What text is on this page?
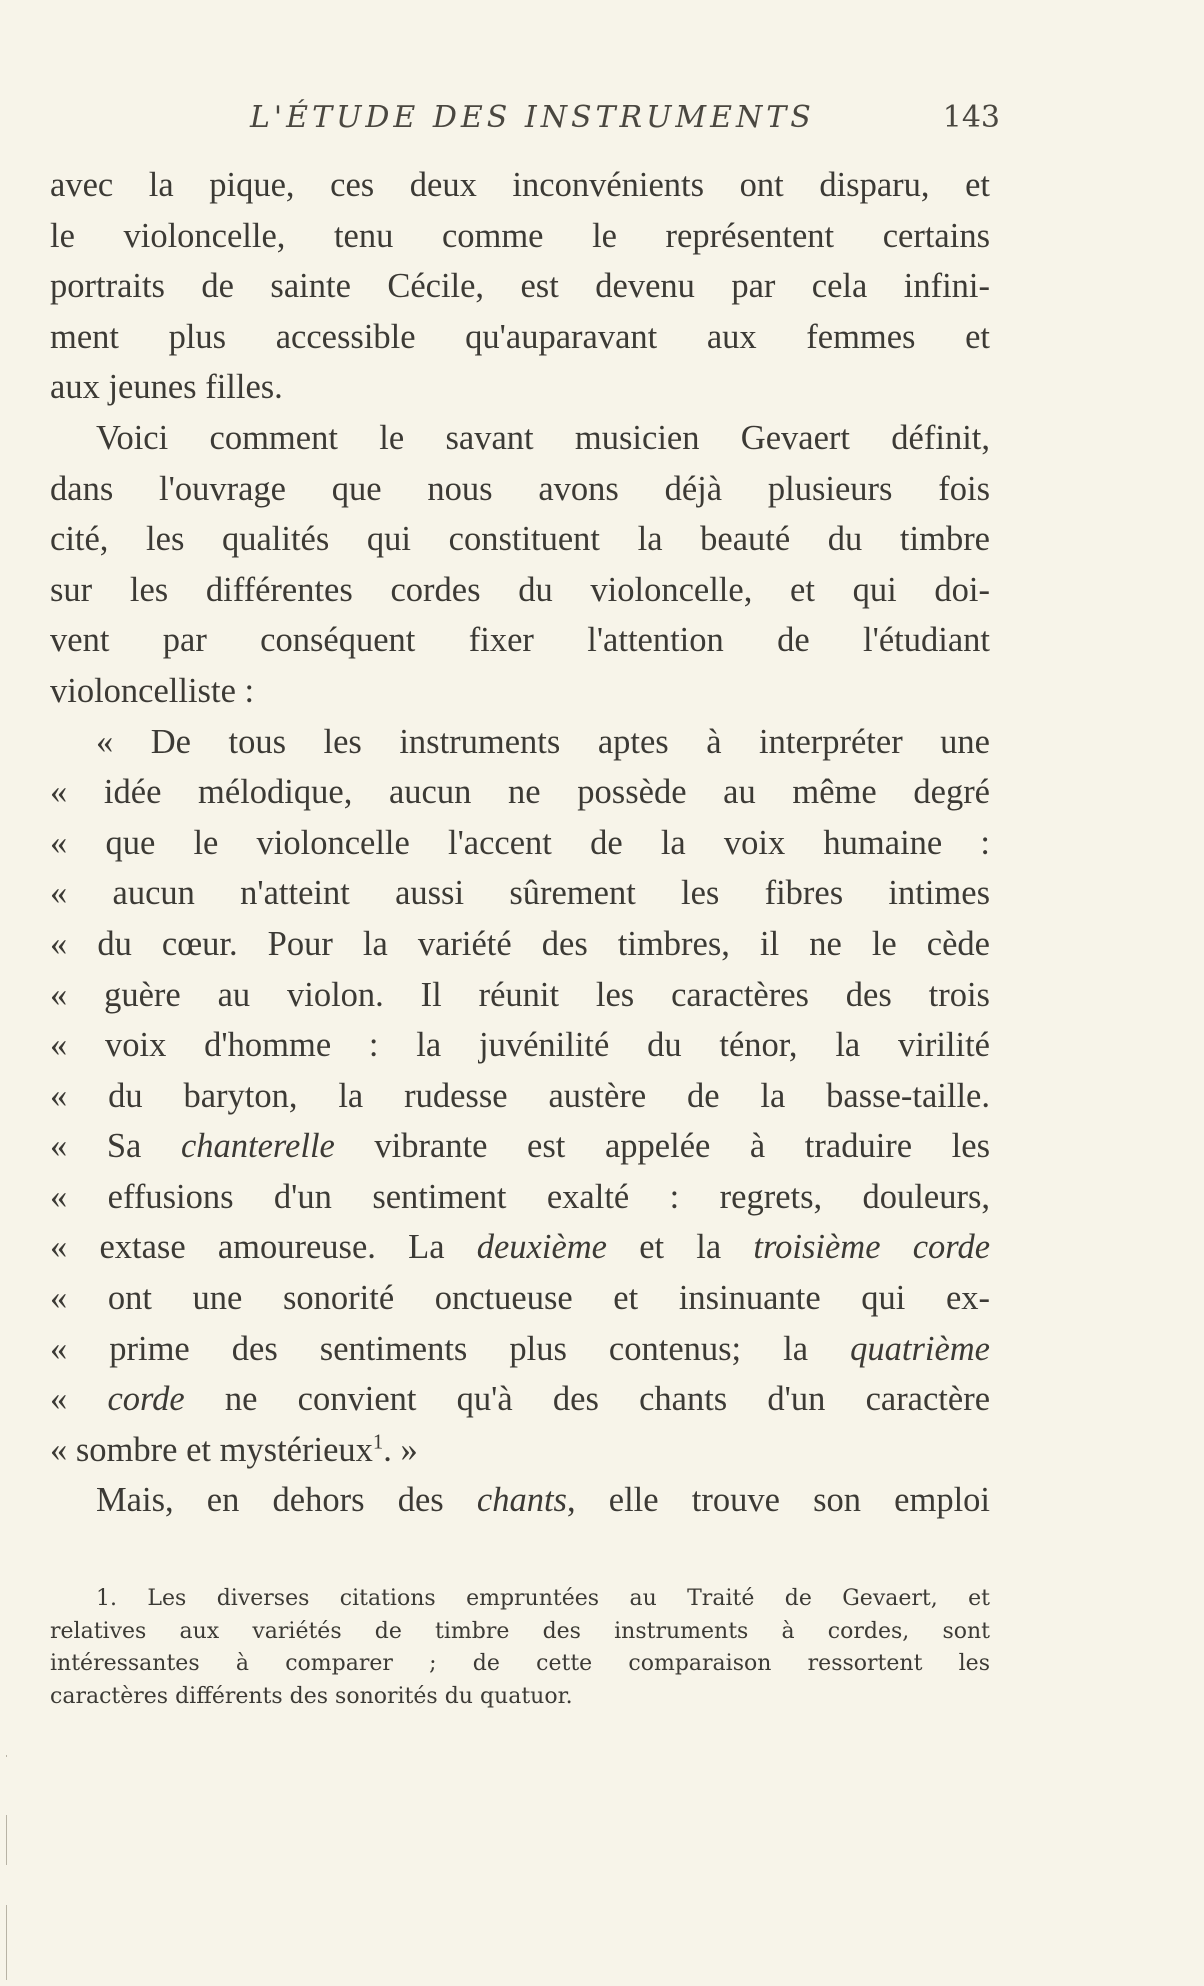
L'ÉTUDE DES INSTRUMENTS	143
avec la pique, ces deux inconvénients ont disparu, et
le violoncelle, tenu comme le représentent certains
portraits de sainte Cécile, est devenu par cela infini-
ment plus accessible qu'auparavant aux femmes et
aux jeunes filles.
Voici comment le savant musicien Gevaert définit,
dans l'ouvrage que nous avons déjà plusieurs fois
cité, les qualités qui constituent la beauté du timbre
sur les différentes cordes du violoncelle, et qui doi-
vent par conséquent fixer l'attention de l'étudiant
violoncelliste :
« De tous les instruments aptes à interpréter une
« idée mélodique, aucun ne possède au même degré
« que le violoncelle l'accent de la voix humaine :
« aucun n'atteint aussi sûrement les fibres intimes
« du cœur. Pour la variété des timbres, il ne le cède
« guère au violon. Il réunit les caractères des trois
« voix d'homme : la juvénilité du ténor, la virilité
« du baryton, la rudesse austère de la basse-taille.
« Sa chanterelle vibrante est appelée à traduire les
« effusions d'un sentiment exalté : regrets, douleurs,
« extase amoureuse. La deuxième et la troisième corde
« ont une sonorité onctueuse et insinuante qui ex-
« prime des sentiments plus contenus; la quatrième
« corde ne convient qu'à des chants d'un caractère
« sombre et mystérieux$^1$. »
Mais, en dehors des chants, elle trouve son emploi
1. Les diverses citations empruntées au Traité de Gevaert, et
relatives aux variétés de timbre des instruments à cordes, sont
intéressantes à comparer ; de cette comparaison ressortent les
caractères différents des sonorités du quatuor.
